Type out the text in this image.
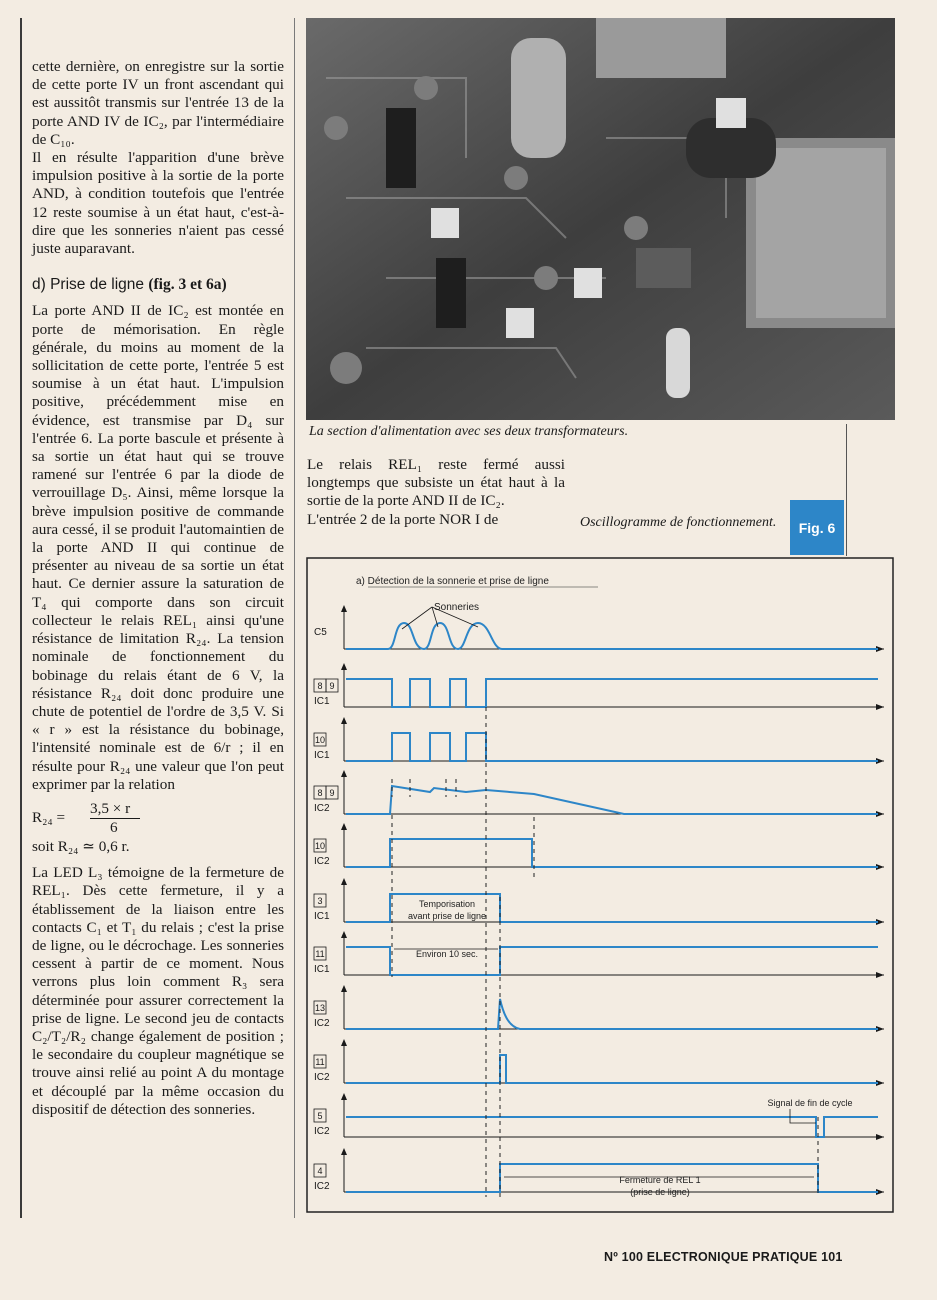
cette dernière, on enregistre sur la sortie de cette porte IV un front ascendant qui est aussitôt transmis sur l'entrée 13 de la porte AND IV de IC₂, par l'intermédiaire de C₁₀.

Il en résulte l'apparition d'une brève impulsion positive à la sortie de la porte AND, à condition toutefois que l'entrée 12 reste soumise à un état haut, c'est-à-dire que les sonneries n'aient pas cessé juste auparavant.

d) Prise de ligne (fig. 3 et 6a)

La porte AND II de IC₂ est montée en porte de mémorisation. En règle générale, du moins au moment de la sollicitation de cette porte, l'entrée 5 est soumise à un état haut. L'impulsion positive, précédemment mise en évidence, est transmise par D₄ sur l'entrée 6. La porte bascule et présente à sa sortie un état haut qui se trouve ramené sur l'entrée 6 par la diode de verrouillage D₅. Ainsi, même lorsque la brève impulsion positive de commande aura cessé, il se produit l'automaintien de la porte AND II qui continue de présenter au niveau de sa sortie un état haut. Ce dernier assure la saturation de T₄ qui comporte dans son circuit collecteur le relais REL₁ ainsi qu'une résistance de limitation R₂₄. La tension nominale de fonctionnement du bobinage du relais étant de 6 V, la résistance R₂₄ doit donc produire une chute de potentiel de l'ordre de 3,5 V. Si « r » est la résistance du bobinage, l'intensité nominale est de 6/r ; il en résulte pour R₂₄ une valeur que l'on peut exprimer par la relation

R₂₄ =
3,5 × r
6

soit R₂₄ ≃ 0,6 r.

La LED L₃ témoigne de la fermeture de REL₁. Dès cette fermeture, il y a établissement de la liaison entre les contacts C₁ et T₁ du relais ; c'est la prise de ligne, ou le décrochage. Les sonneries cessent à partir de ce moment. Nous verrons plus loin comment R₃ sera déterminée pour assurer correctement la prise de ligne. Le second jeu de contacts C₂/T₂/R₂ change également de position ; le secondaire du coupleur magnétique se trouve ainsi relié au point A du montage et découplé par la même occasion du dispositif de détection des sonneries.

La section d'alimentation avec ses deux transformateurs.

Le relais REL₁ reste fermé aussi longtemps que subsiste un état haut à la sortie de la porte AND II de IC₂.

L'entrée 2 de la porte NOR I de	Oscillogramme de fonctionnement.	Fig. 6
a) Détection de la sonnerie et prise de ligne
C5
8 9
IC1
10
IC1
8 9
IC2
10
IC2
3
IC1
11
IC1
13
IC2
11
IC2
5
IC2
4
IC2
Sonneries
Temporisation
avant prise de ligne
Environ 10 sec.
Signal de fin de cycle
Fermeture de REL 1
(prise de ligne)
Nº 100 ELECTRONIQUE PRATIQUE 101
